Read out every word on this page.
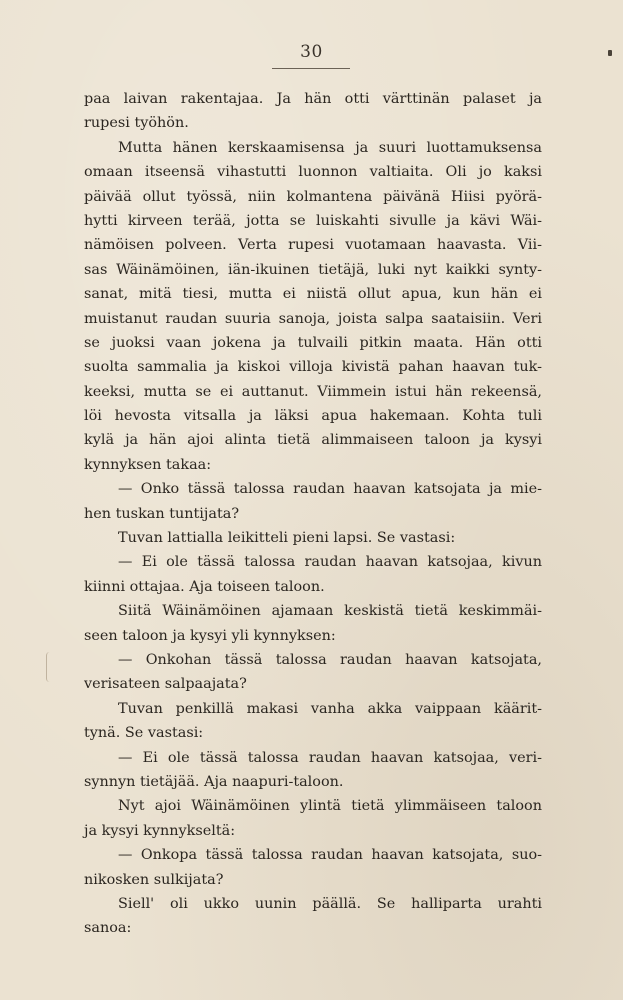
30
paa laivan rakentajaa. Ja hän otti värttinän palaset ja
rupesi työhön.
Mutta hänen kerskaamisensa ja suuri luottamuksensa
omaan itseensä vihastutti luonnon valtiaita. Oli jo kaksi
päivää ollut työssä, niin kolmantena päivänä Hiisi pyörä-
hytti kirveen terää, jotta se luiskahti sivulle ja kävi Wäi-
nämöisen polveen. Verta rupesi vuotamaan haavasta. Vii-
sas Wäinämöinen, iän-ikuinen tietäjä, luki nyt kaikki synty-
sanat, mitä tiesi, mutta ei niistä ollut apua, kun hän ei
muistanut raudan suuria sanoja, joista salpa saataisiin. Veri
se juoksi vaan jokena ja tulvaili pitkin maata. Hän otti
suolta sammalia ja kiskoi villoja kivistä pahan haavan tuk-
keeksi, mutta se ei auttanut. Viimmein istui hän rekeensä,
löi hevosta vitsalla ja läksi apua hakemaan. Kohta tuli
kylä ja hän ajoi alinta tietä alimmaiseen taloon ja kysyi
kynnyksen takaa:
— Onko tässä talossa raudan haavan katsojata ja mie-
hen tuskan tuntijata?
Tuvan lattialla leikitteli pieni lapsi. Se vastasi:
— Ei ole tässä talossa raudan haavan katsojaa, kivun
kiinni ottajaa. Aja toiseen taloon.
Siitä Wäinämöinen ajamaan keskistä tietä keskimmäi-
seen taloon ja kysyi yli kynnyksen:
— Onkohan tässä talossa raudan haavan katsojata,
verisateen salpaajata?
Tuvan penkillä makasi vanha akka vaippaan käärit-
tynä. Se vastasi:
— Ei ole tässä talossa raudan haavan katsojaa, veri-
synnyn tietäjää. Aja naapuri-taloon.
Nyt ajoi Wäinämöinen ylintä tietä ylimmäiseen taloon
ja kysyi kynnykseltä:
— Onkopa tässä talossa raudan haavan katsojata, suo-
nikosken sulkijata?
Siell' oli ukko uunin päällä. Se halliparta urahti
sanoa:
